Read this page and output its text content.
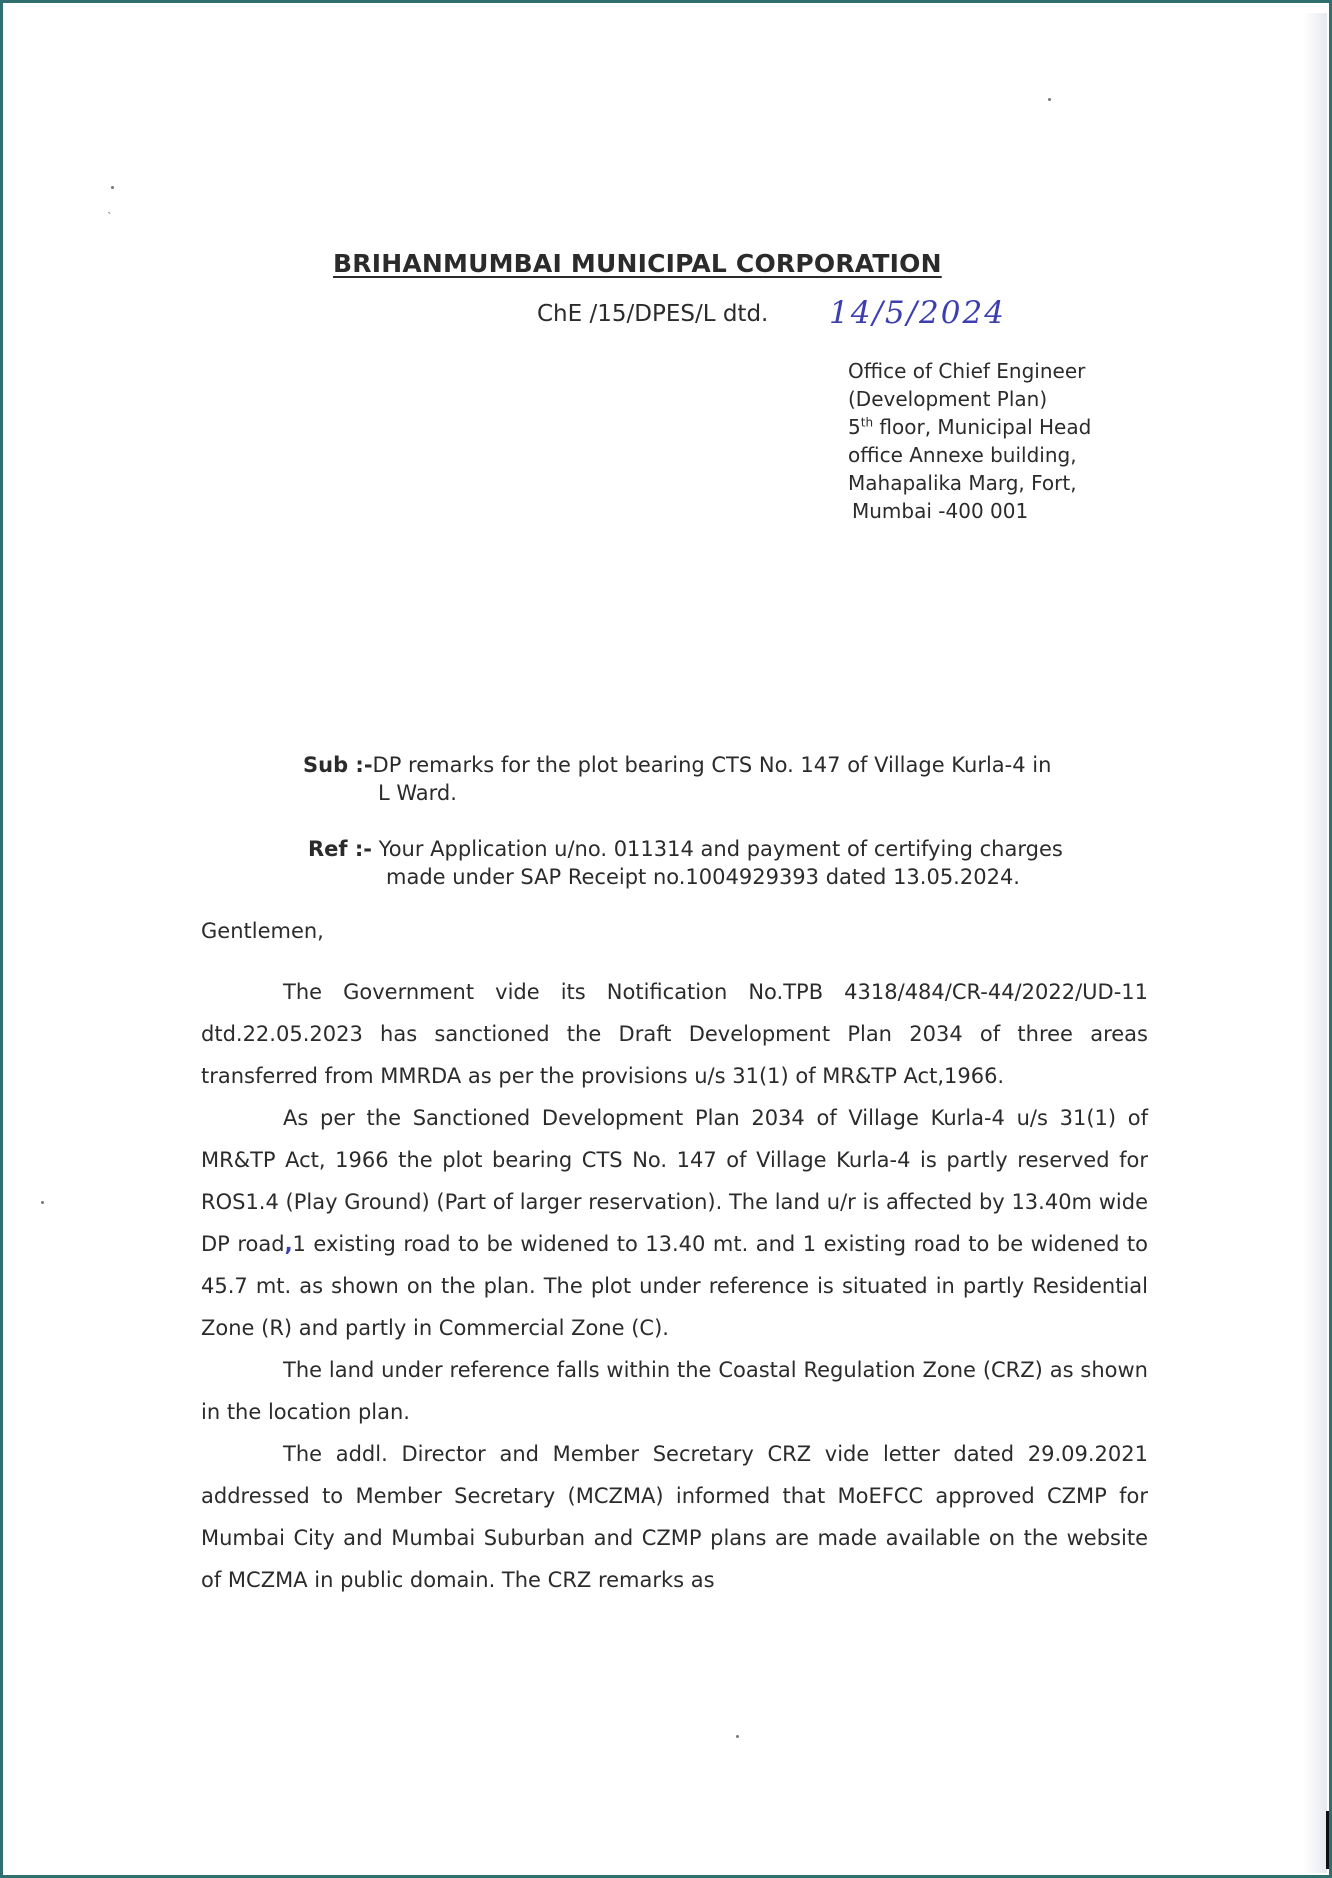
BRIHANMUMBAI MUNICIPAL CORPORATION
ChE /15/DPES/L dtd. 14/5/2024
Office of Chief Engineer
(Development Plan)
5th floor, Municipal Head
office Annexe building,
Mahapalika Marg, Fort,
Mumbai -400 001
Sub :- DP remarks for the plot bearing CTS No. 147 of Village Kurla-4 in
L Ward.
Ref :- Your Application u/no. 011314 and payment of certifying charges
made under SAP Receipt no.1004929393 dated 13.05.2024.
Gentlemen,

The Government vide its Notification No.TPB 4318/484/CR-44/2022/UD-11 dtd.22.05.2023 has sanctioned the Draft Development Plan 2034 of three areas transferred from MMRDA as per the provisions u/s 31(1) of MR&TP Act,1966.

As per the Sanctioned Development Plan 2034 of Village Kurla-4 u/s 31(1) of MR&TP Act, 1966 the plot bearing CTS No. 147 of Village Kurla-4 is partly reserved for ROS1.4 (Play Ground) (Part of larger reservation). The land u/r is affected by 13.40m wide DP road,1 existing road to be widened to 13.40 mt. and 1 existing road to be widened to 45.7 mt. as shown on the plan. The plot under reference is situated in partly Residential Zone (R) and partly in Commercial Zone (C).

The land under reference falls within the Coastal Regulation Zone (CRZ) as shown in the location plan.

The addl. Director and Member Secretary CRZ vide letter dated 29.09.2021 addressed to Member Secretary (MCZMA) informed that MoEFCC approved CZMP for Mumbai City and Mumbai Suburban and CZMP plans are made available on the website of MCZMA in public domain. The CRZ remarks as

˴
